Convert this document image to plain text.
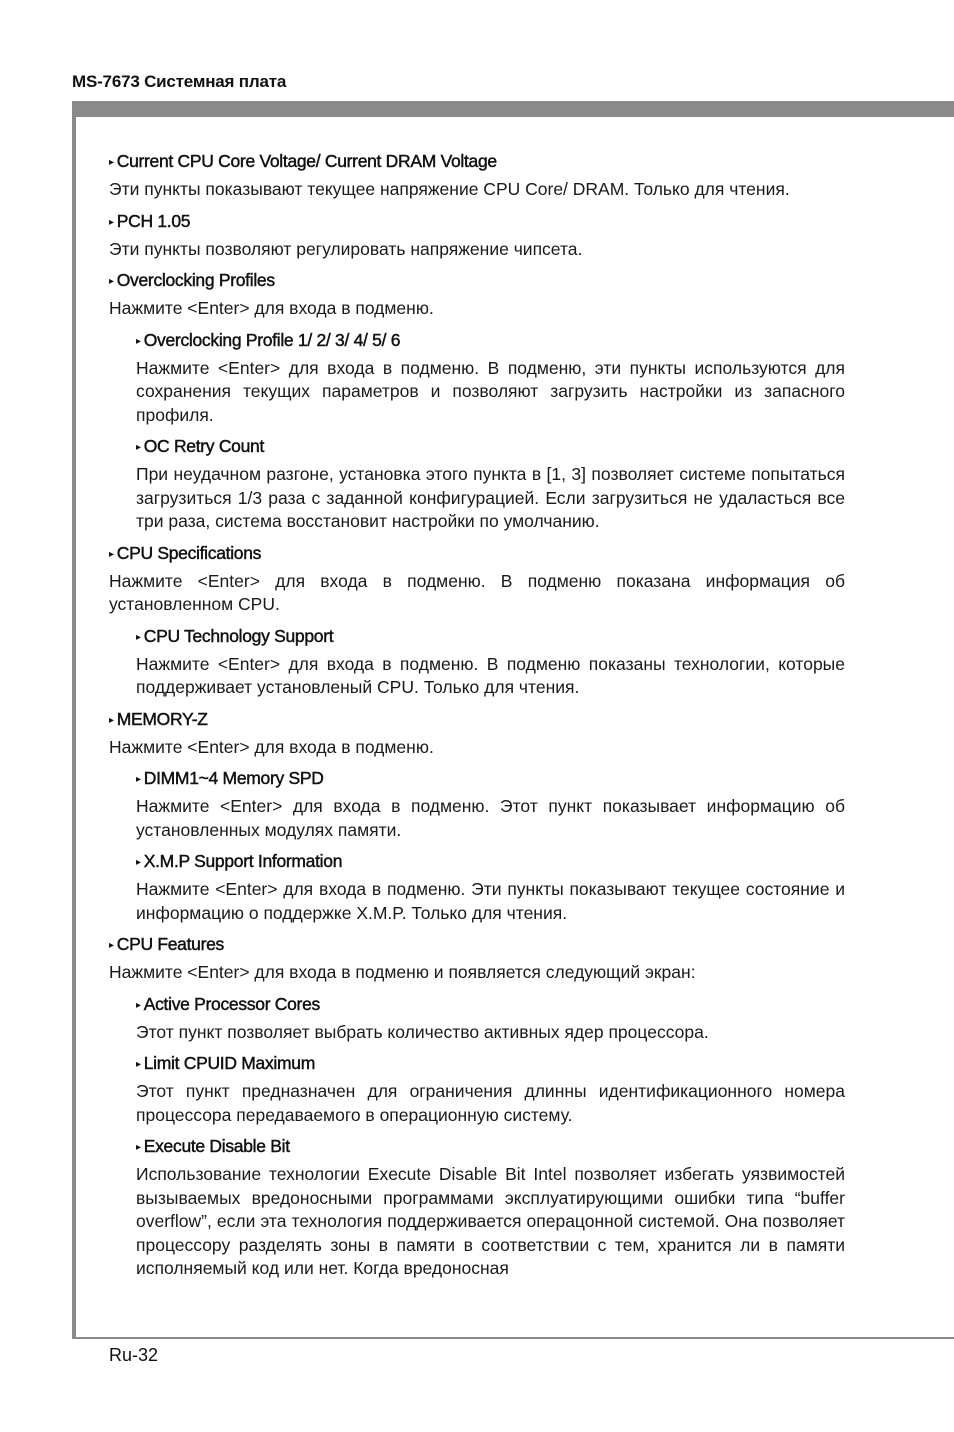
MS-7673 Системная плата
▸ Current CPU Core Voltage/ Current DRAM Voltage
Эти пункты показывают текущее напряжение CPU Core/ DRAM. Только для чтения.
▸ PCH 1.05
Эти пункты позволяют регулировать напряжение чипсета.
▸ Overclocking Profiles
Нажмите <Enter> для входа в подменю.
▸ Overclocking Profile 1/ 2/ 3/ 4/ 5/ 6
Нажмите <Enter> для входа в подменю. В подменю, эти пункты используются для сохранения текущих параметров и позволяют загрузить настройки из запасного профиля.
▸ OC Retry Count
При неудачном разгоне, установка этого пункта в [1, 3] позволяет системе попытаться загрузиться 1/3 раза с заданной конфигурацией. Если загрузиться не удаласться все три раза, система восстановит настройки по умолчанию.
▸ CPU Specifications
Нажмите <Enter> для входа в подменю. В подменю показана информация об установленном CPU.
▸ CPU Technology Support
Нажмите <Enter> для входа в подменю. В подменю показаны технологии, которые поддерживает установленый CPU. Только для чтения.
▸ MEMORY-Z
Нажмите <Enter> для входа в подменю.
▸ DIMM1~4 Memory SPD
Нажмите <Enter> для входа в подменю. Этот пункт показывает информацию об установленных модулях памяти.
▸ X.M.P Support Information
Нажмите <Enter> для входа в подменю. Эти пункты показывают текущее состояние и информацию о поддержке X.M.P. Только для чтения.
▸ CPU Features
Нажмите <Enter> для входа в подменю и появляется следующий экран:
▸ Active Processor Cores
Этот пункт позволяет выбрать количество активных ядер процессора.
▸ Limit CPUID Maximum
Этот пункт предназначен для ограничения длинны идентификационного номера процессора передаваемого в операционную систему.
▸ Execute Disable Bit
Использование технологии Execute Disable Bit Intel позволяет избегать уязвимостей вызываемых вредоносными программами эксплуатирующими ошибки типа “buffer overflow”, если эта технология поддерживается операцонной системой. Она позволяет процессору разделять зоны в памяти в соответствии с тем, хранится ли в памяти исполняемый код или нет. Когда вредоносная
Ru-32
